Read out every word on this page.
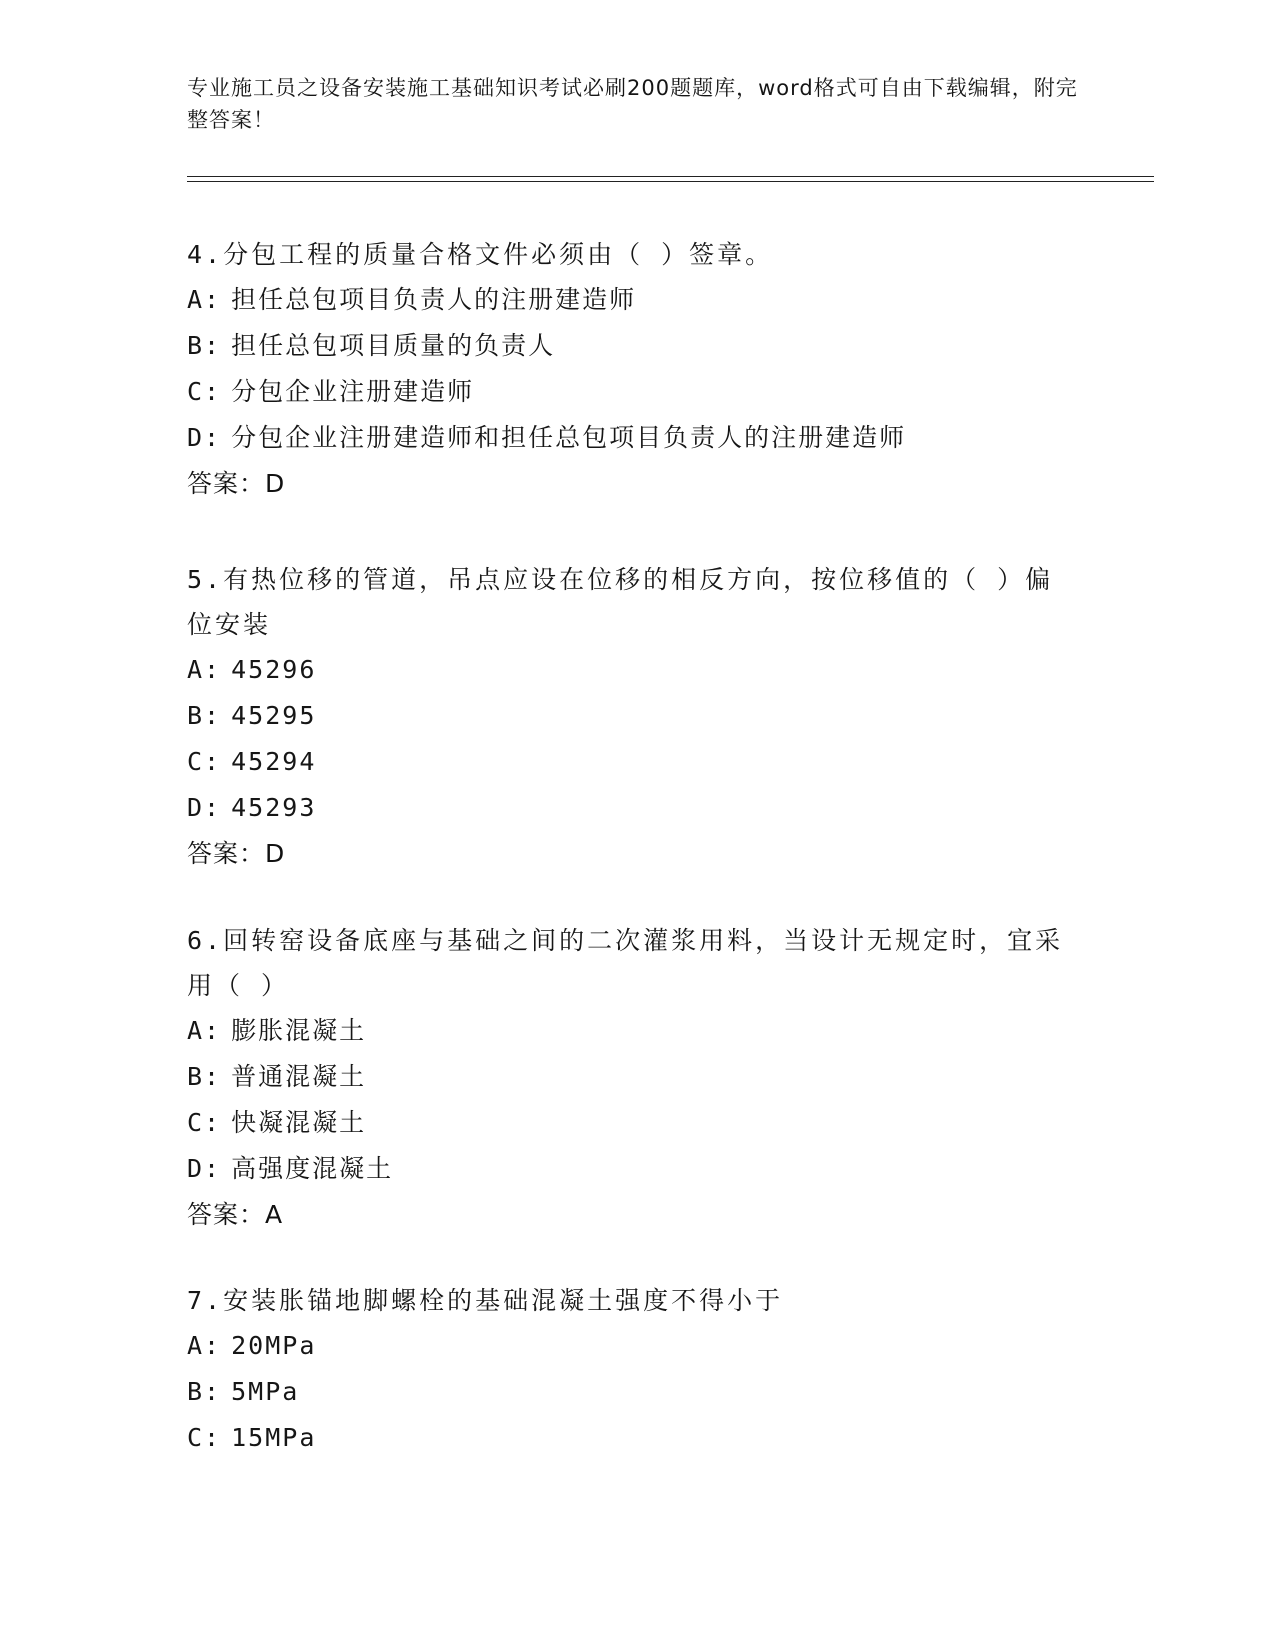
专业施工员之设备安装施工基础知识考试必刷200题题库，word格式可自由下载编辑，附完整答案！
4.分包工程的质量合格文件必须由（ ）签章。
A: 担任总包项目负责人的注册建造师
B: 担任总包项目质量的负责人
C: 分包企业注册建造师
D: 分包企业注册建造师和担任总包项目负责人的注册建造师
答案：D
5.有热位移的管道，吊点应设在位移的相反方向，按位移值的（ ）偏位安装
A: 45296
B: 45295
C: 45294
D: 45293
答案：D
6.回转窑设备底座与基础之间的二次灌浆用料，当设计无规定时，宜采用（ ）
A: 膨胀混凝土
B: 普通混凝土
C: 快凝混凝土
D: 高强度混凝土
答案：A
7.安装胀锚地脚螺栓的基础混凝土强度不得小于
A: 20MPa
B: 5MPa
C: 15MPa
